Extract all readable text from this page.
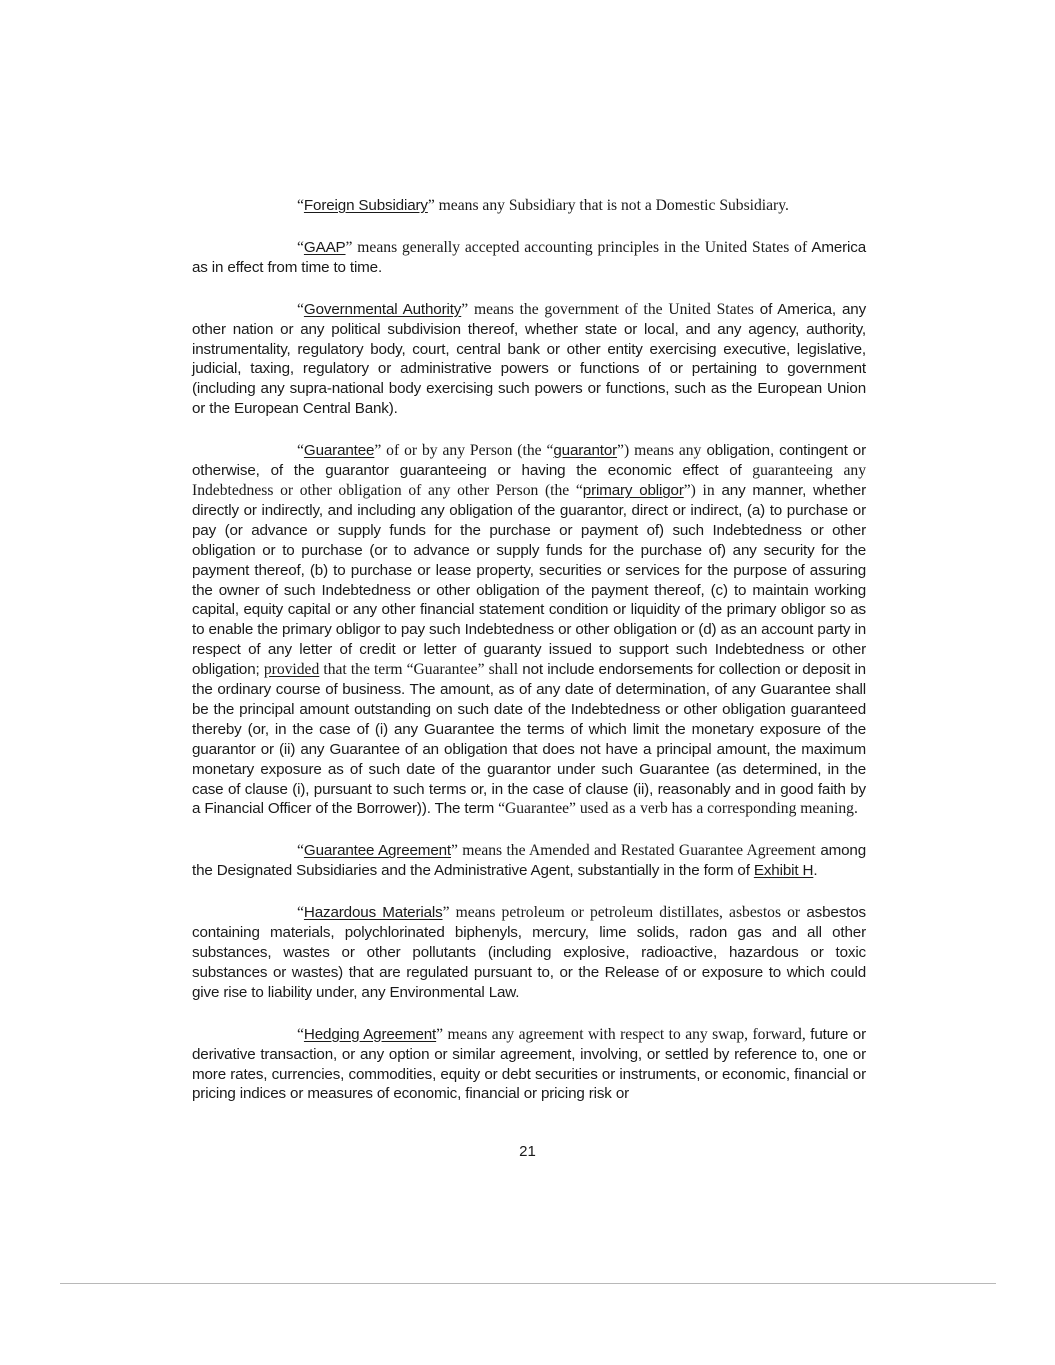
“Foreign Subsidiary” means any Subsidiary that is not a Domestic Subsidiary.

“GAAP” means generally accepted accounting principles in the United States of America as in effect from time to time.

“Governmental Authority” means the government of the United States of America, any other nation or any political subdivision thereof, whether state or local, and any agency, authority, instrumentality, regulatory body, court, central bank or other entity exercising executive, legislative, judicial, taxing, regulatory or administrative powers or functions of or pertaining to government (including any supra-national body exercising such powers or functions, such as the European Union or the European Central Bank).

“Guarantee” of or by any Person (the “guarantor”) means any obligation, contingent or otherwise, of the guarantor guaranteeing or having the economic effect of guaranteeing any Indebtedness or other obligation of any other Person (the “primary obligor”) in any manner, whether directly or indirectly, and including any obligation of the guarantor, direct or indirect, (a) to purchase or pay (or advance or supply funds for the purchase or payment of) such Indebtedness or other obligation or to purchase (or to advance or supply funds for the purchase of) any security for the payment thereof, (b) to purchase or lease property, securities or services for the purpose of assuring the owner of such Indebtedness or other obligation of the payment thereof, (c) to maintain working capital, equity capital or any other financial statement condition or liquidity of the primary obligor so as to enable the primary obligor to pay such Indebtedness or other obligation or (d) as an account party in respect of any letter of credit or letter of guaranty issued to support such Indebtedness or other obligation; provided that the term “Guarantee” shall not include endorsements for collection or deposit in the ordinary course of business. The amount, as of any date of determination, of any Guarantee shall be the principal amount outstanding on such date of the Indebtedness or other obligation guaranteed thereby (or, in the case of (i) any Guarantee the terms of which limit the monetary exposure of the guarantor or (ii) any Guarantee of an obligation that does not have a principal amount, the maximum monetary exposure as of such date of the guarantor under such Guarantee (as determined, in the case of clause (i), pursuant to such terms or, in the case of clause (ii), reasonably and in good faith by a Financial Officer of the Borrower)). The term “Guarantee” used as a verb has a corresponding meaning.

“Guarantee Agreement” means the Amended and Restated Guarantee Agreement among the Designated Subsidiaries and the Administrative Agent, substantially in the form of Exhibit H.

“Hazardous Materials” means petroleum or petroleum distillates, asbestos or asbestos containing materials, polychlorinated biphenyls, mercury, lime solids, radon gas and all other substances, wastes or other pollutants (including explosive, radioactive, hazardous or toxic substances or wastes) that are regulated pursuant to, or the Release of or exposure to which could give rise to liability under, any Environmental Law.

“Hedging Agreement” means any agreement with respect to any swap, forward, future or derivative transaction, or any option or similar agreement, involving, or settled by reference to, one or more rates, currencies, commodities, equity or debt securities or instruments, or economic, financial or pricing indices or measures of economic, financial or pricing risk or

21
